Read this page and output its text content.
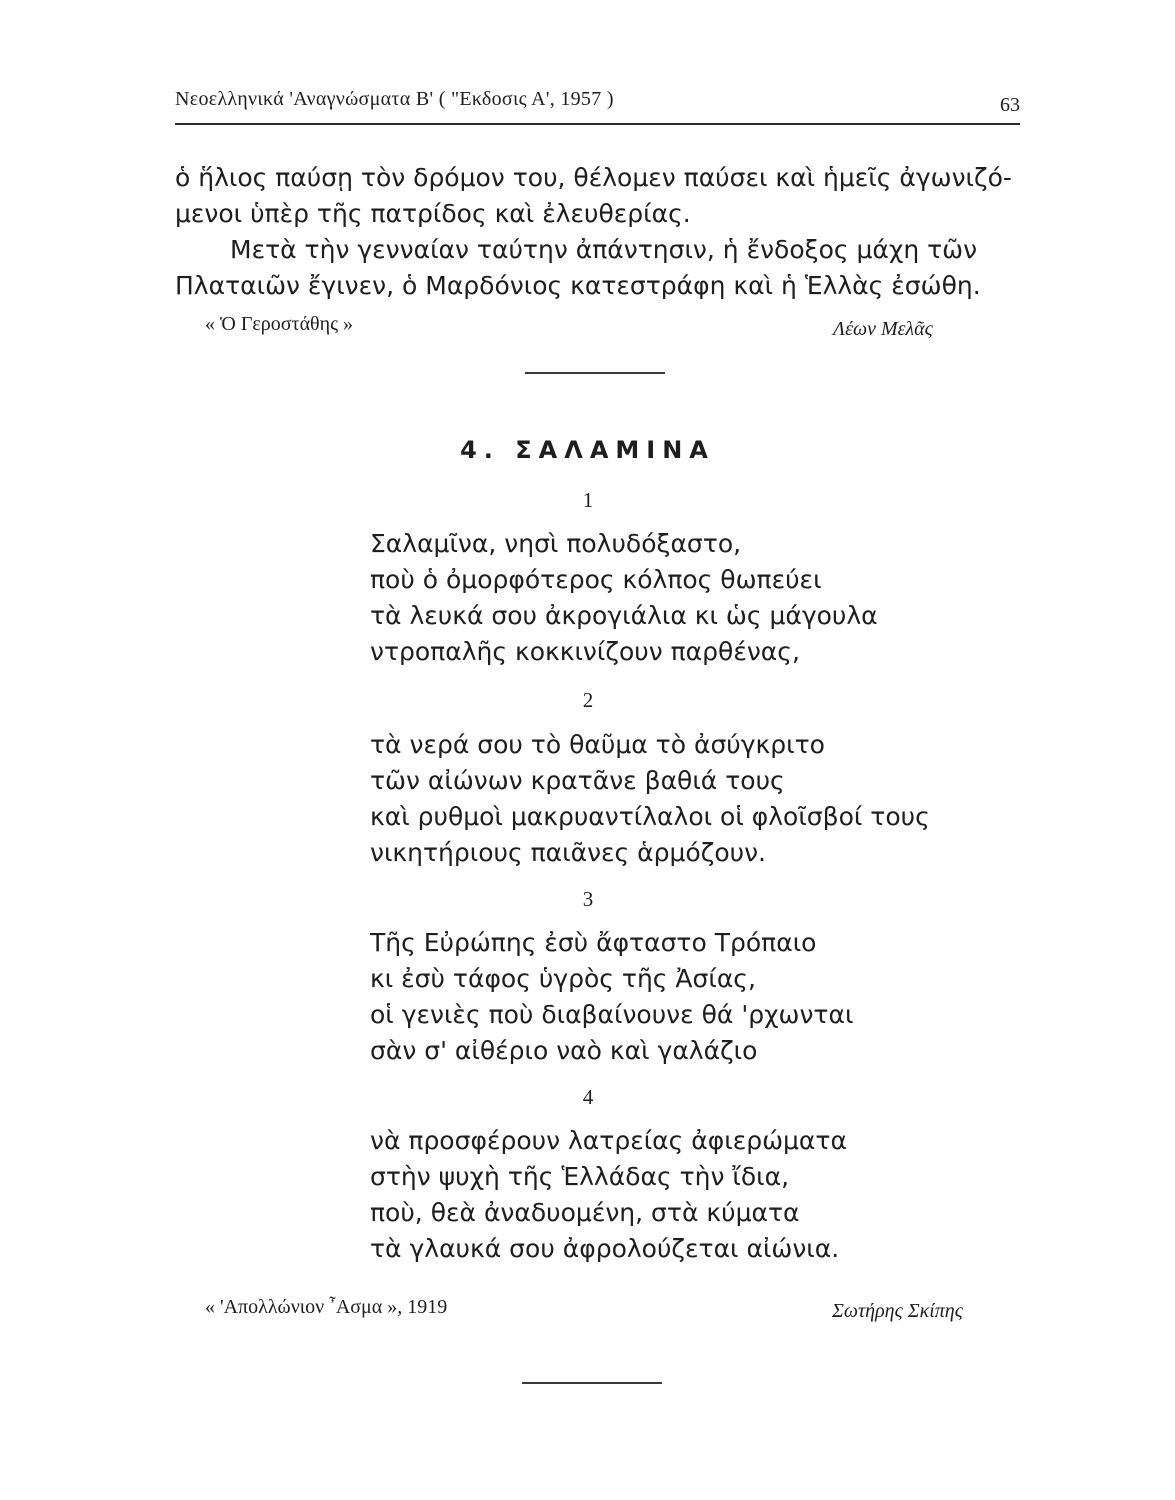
Νεοελληνικά 'Αναγνώσματα Β' ( "Εκδοσις Α', 1957 )	63
ὁ ἥλιος παύσῃ τὸν δρόμον του, θέλομεν παύσει καὶ ἡμεῖς ἀγωνιζό-
μενοι ὑπὲρ τῆς πατρίδος καὶ ἐλευθερίας.
Μετὰ τὴν γενναίαν ταύτην ἀπάντησιν, ἡ ἔνδοξος μάχη τῶν
Πλαταιῶν ἔγινεν, ὁ Μαρδόνιος κατεστράφη καὶ ἡ Ἑλλὰς ἐσώθη.
« Ὁ Γεροστάθης »	Λέων Μελᾶς
4. ΣΑΛΑΜΙΝΑ
1
Σαλαμῖνα, νησὶ πολυδόξαστο,
ποὺ ὁ ὀμορφότερος κόλπος θωπεύει
τὰ λευκά σου ἀκρογιάλια κι ὡς μάγουλα
ντροπαλῆς κοκκινίζουν παρθένας,
2
τὰ νερά σου τὸ θαῦμα τὸ ἀσύγκριτο
τῶν αἰώνων κρατᾶνε βαθιά τους
καὶ ρυθμοὶ μακρυαντίλαλοι οἱ φλοῖσβοί τους
νικητήριους παιᾶνες ἁρμόζουν.
3
Τῆς Εὐρώπης ἐσὺ ἄφταστο Τρόπαιο
κι ἐσὺ τάφος ὑγρὸς τῆς Ἀσίας,
οἱ γενιὲς ποὺ διαβαίνουνε θά 'ρχωνται
σὰν σ' αἰθέριο ναὸ καὶ γαλάζιο
4
νὰ προσφέρουν λατρείας ἀφιερώματα
στὴν ψυχὴ τῆς Ἑλλάδας τὴν ἴδια,
ποὺ, θεὰ ἀναδυομένη, στὰ κύματα
τὰ γλαυκά σου ἀφρολούζεται αἰώνια.
« 'Απολλώνιον ῏Ασμα », 1919	Σωτήρης Σκίπης
